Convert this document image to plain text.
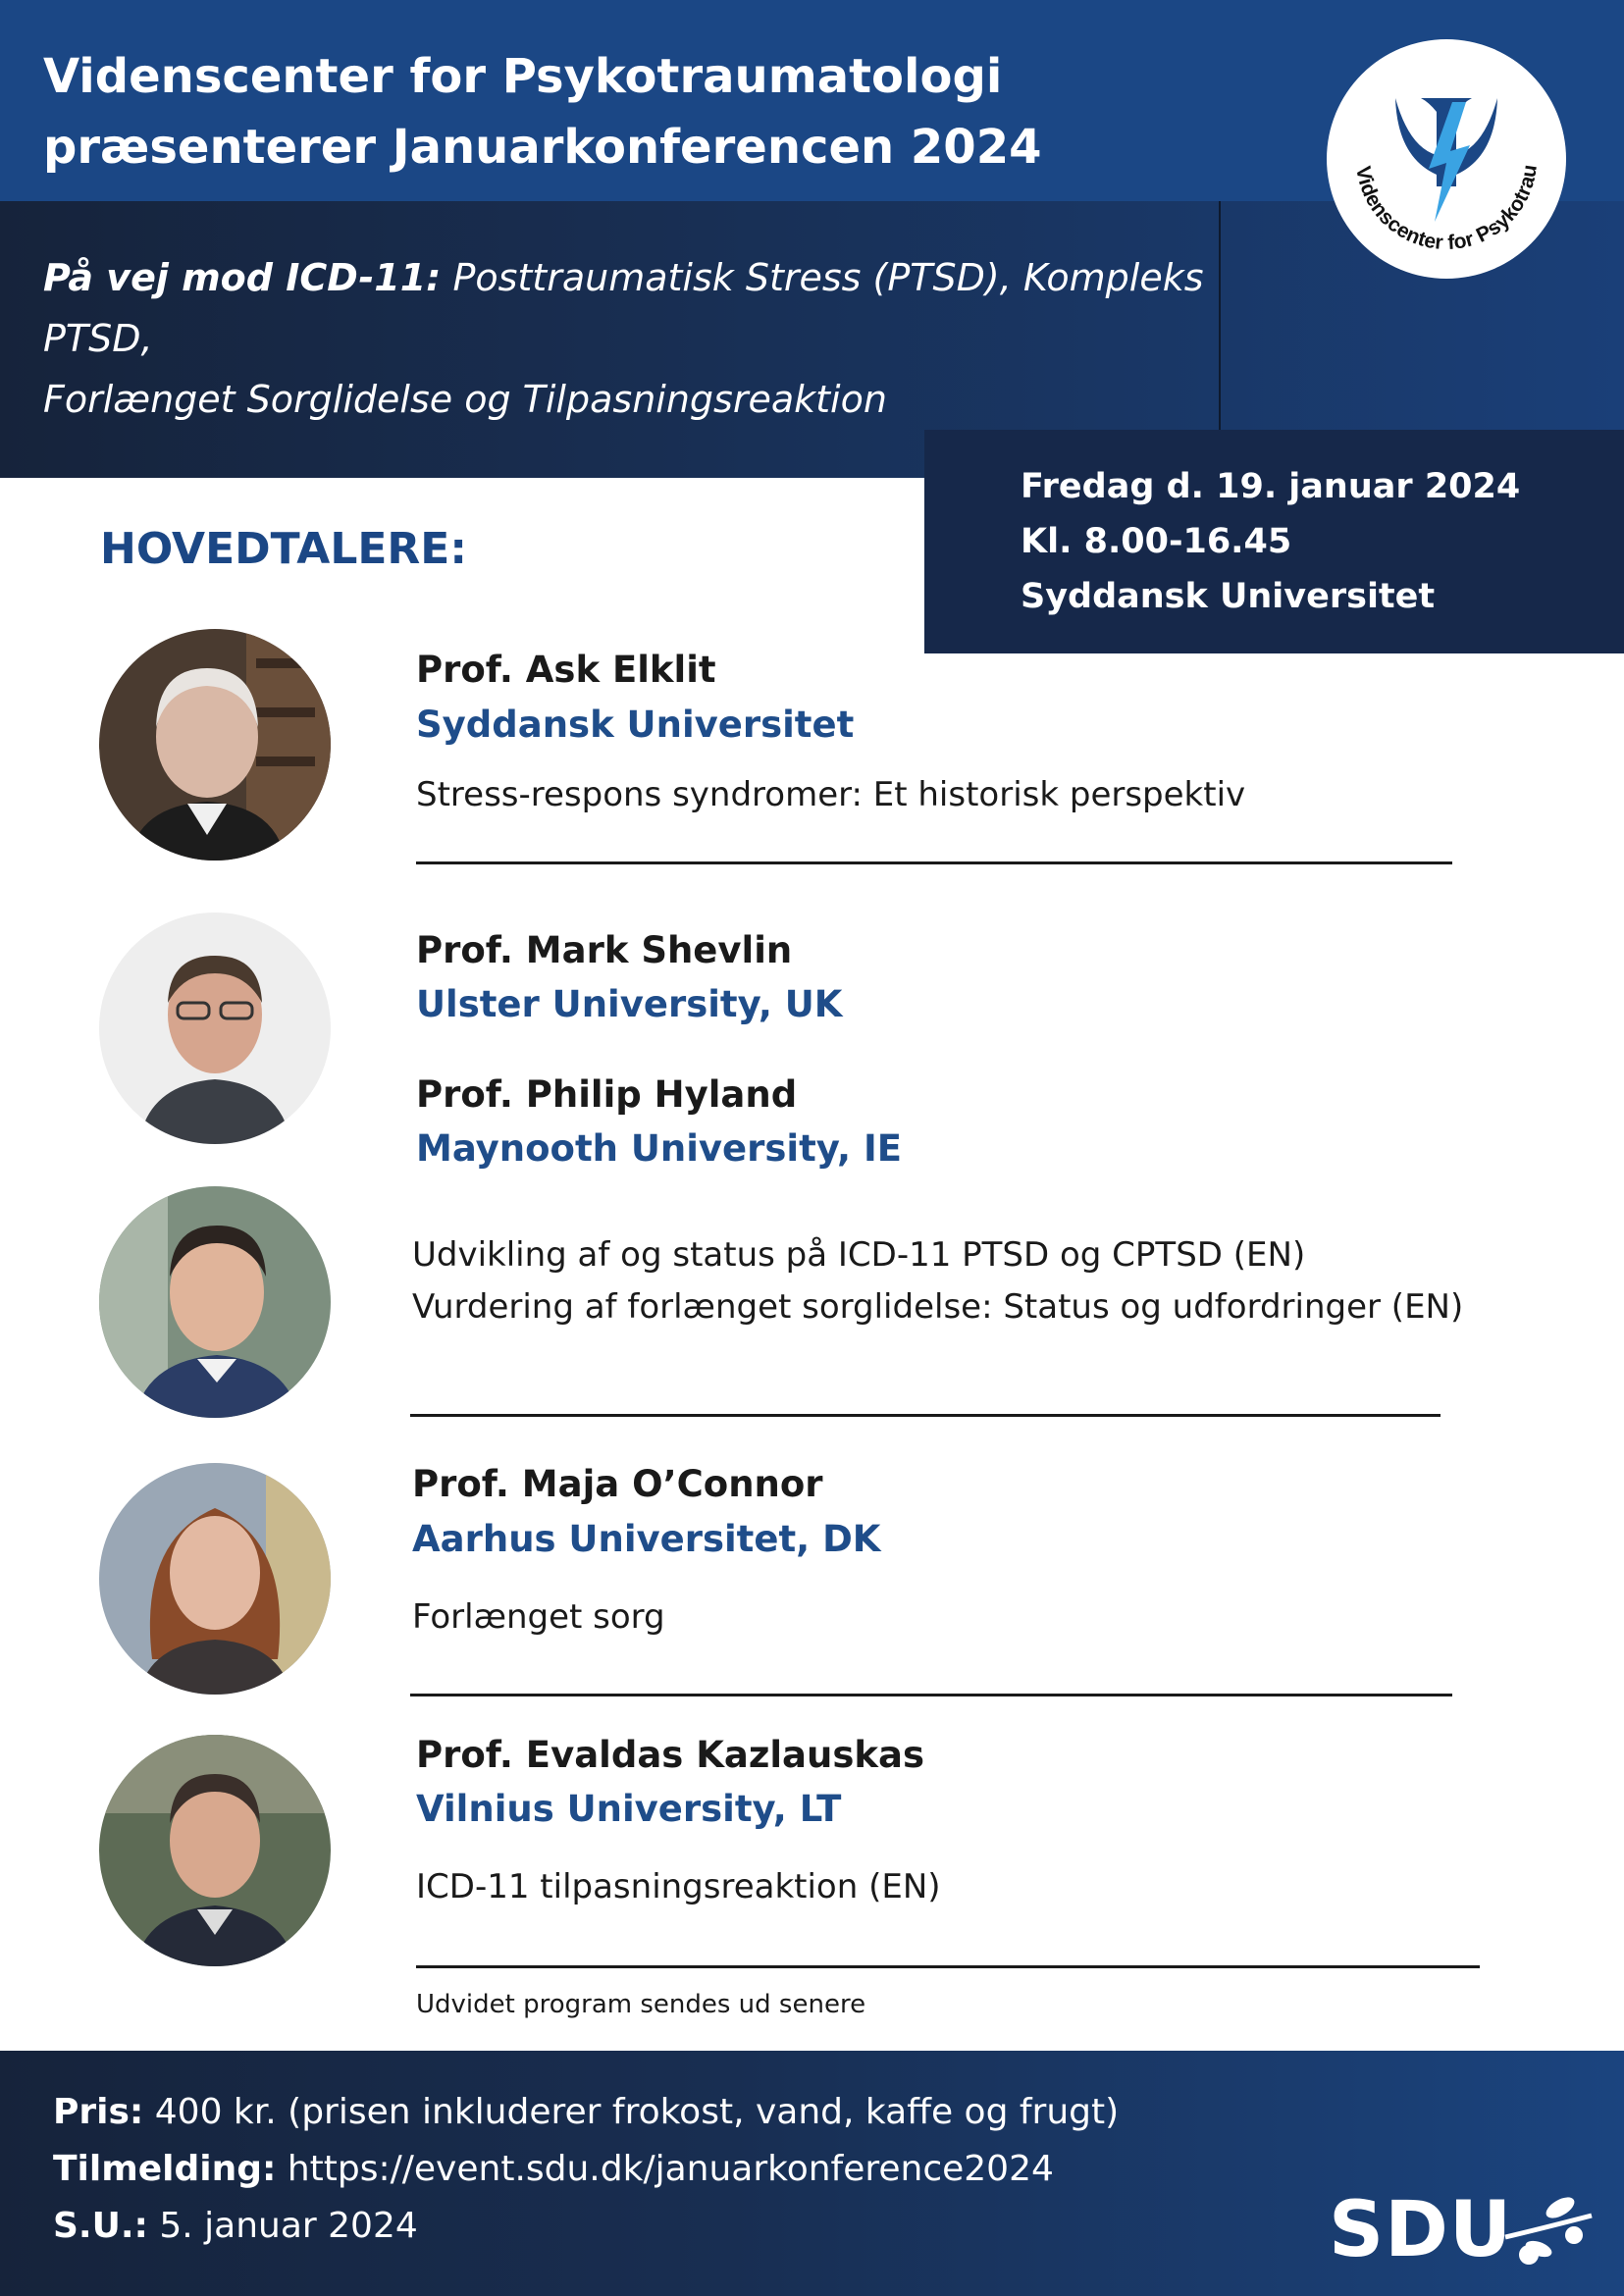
Videnscenter for Psykotraumatologi
præsenterer Januarkonferencen 2024
På vej mod ICD-11: Posttraumatisk Stress (PTSD), Kompleks PTSD,
Forlænget Sorglidelse og Tilpasningsreaktion
Videnscenter for Psykotrau
Fredag d. 19. januar 2024
Kl. 8.00-16.45
Syddansk Universitet
HOVEDTALERE:
Prof. Ask Elklit
Syddansk Universitet
Stress-respons syndromer: Et historisk perspektiv
Prof. Mark Shevlin
Ulster University, UK
Prof. Philip Hyland
Maynooth University, IE
Udvikling af og status på ICD-11 PTSD og CPTSD (EN)
Vurdering af forlænget sorglidelse: Status og udfordringer (EN)
Prof. Maja O’Connor
Aarhus Universitet, DK
Forlænget sorg
Prof. Evaldas Kazlauskas
Vilnius University, LT
ICD-11 tilpasningsreaktion (EN)
Udvidet program sendes ud senere
Pris: 400 kr. (prisen inkluderer frokost, vand, kaffe og frugt)
Tilmelding: https://event.sdu.dk/januarkonference2024
S.U.: 5. januar 2024	SDU
